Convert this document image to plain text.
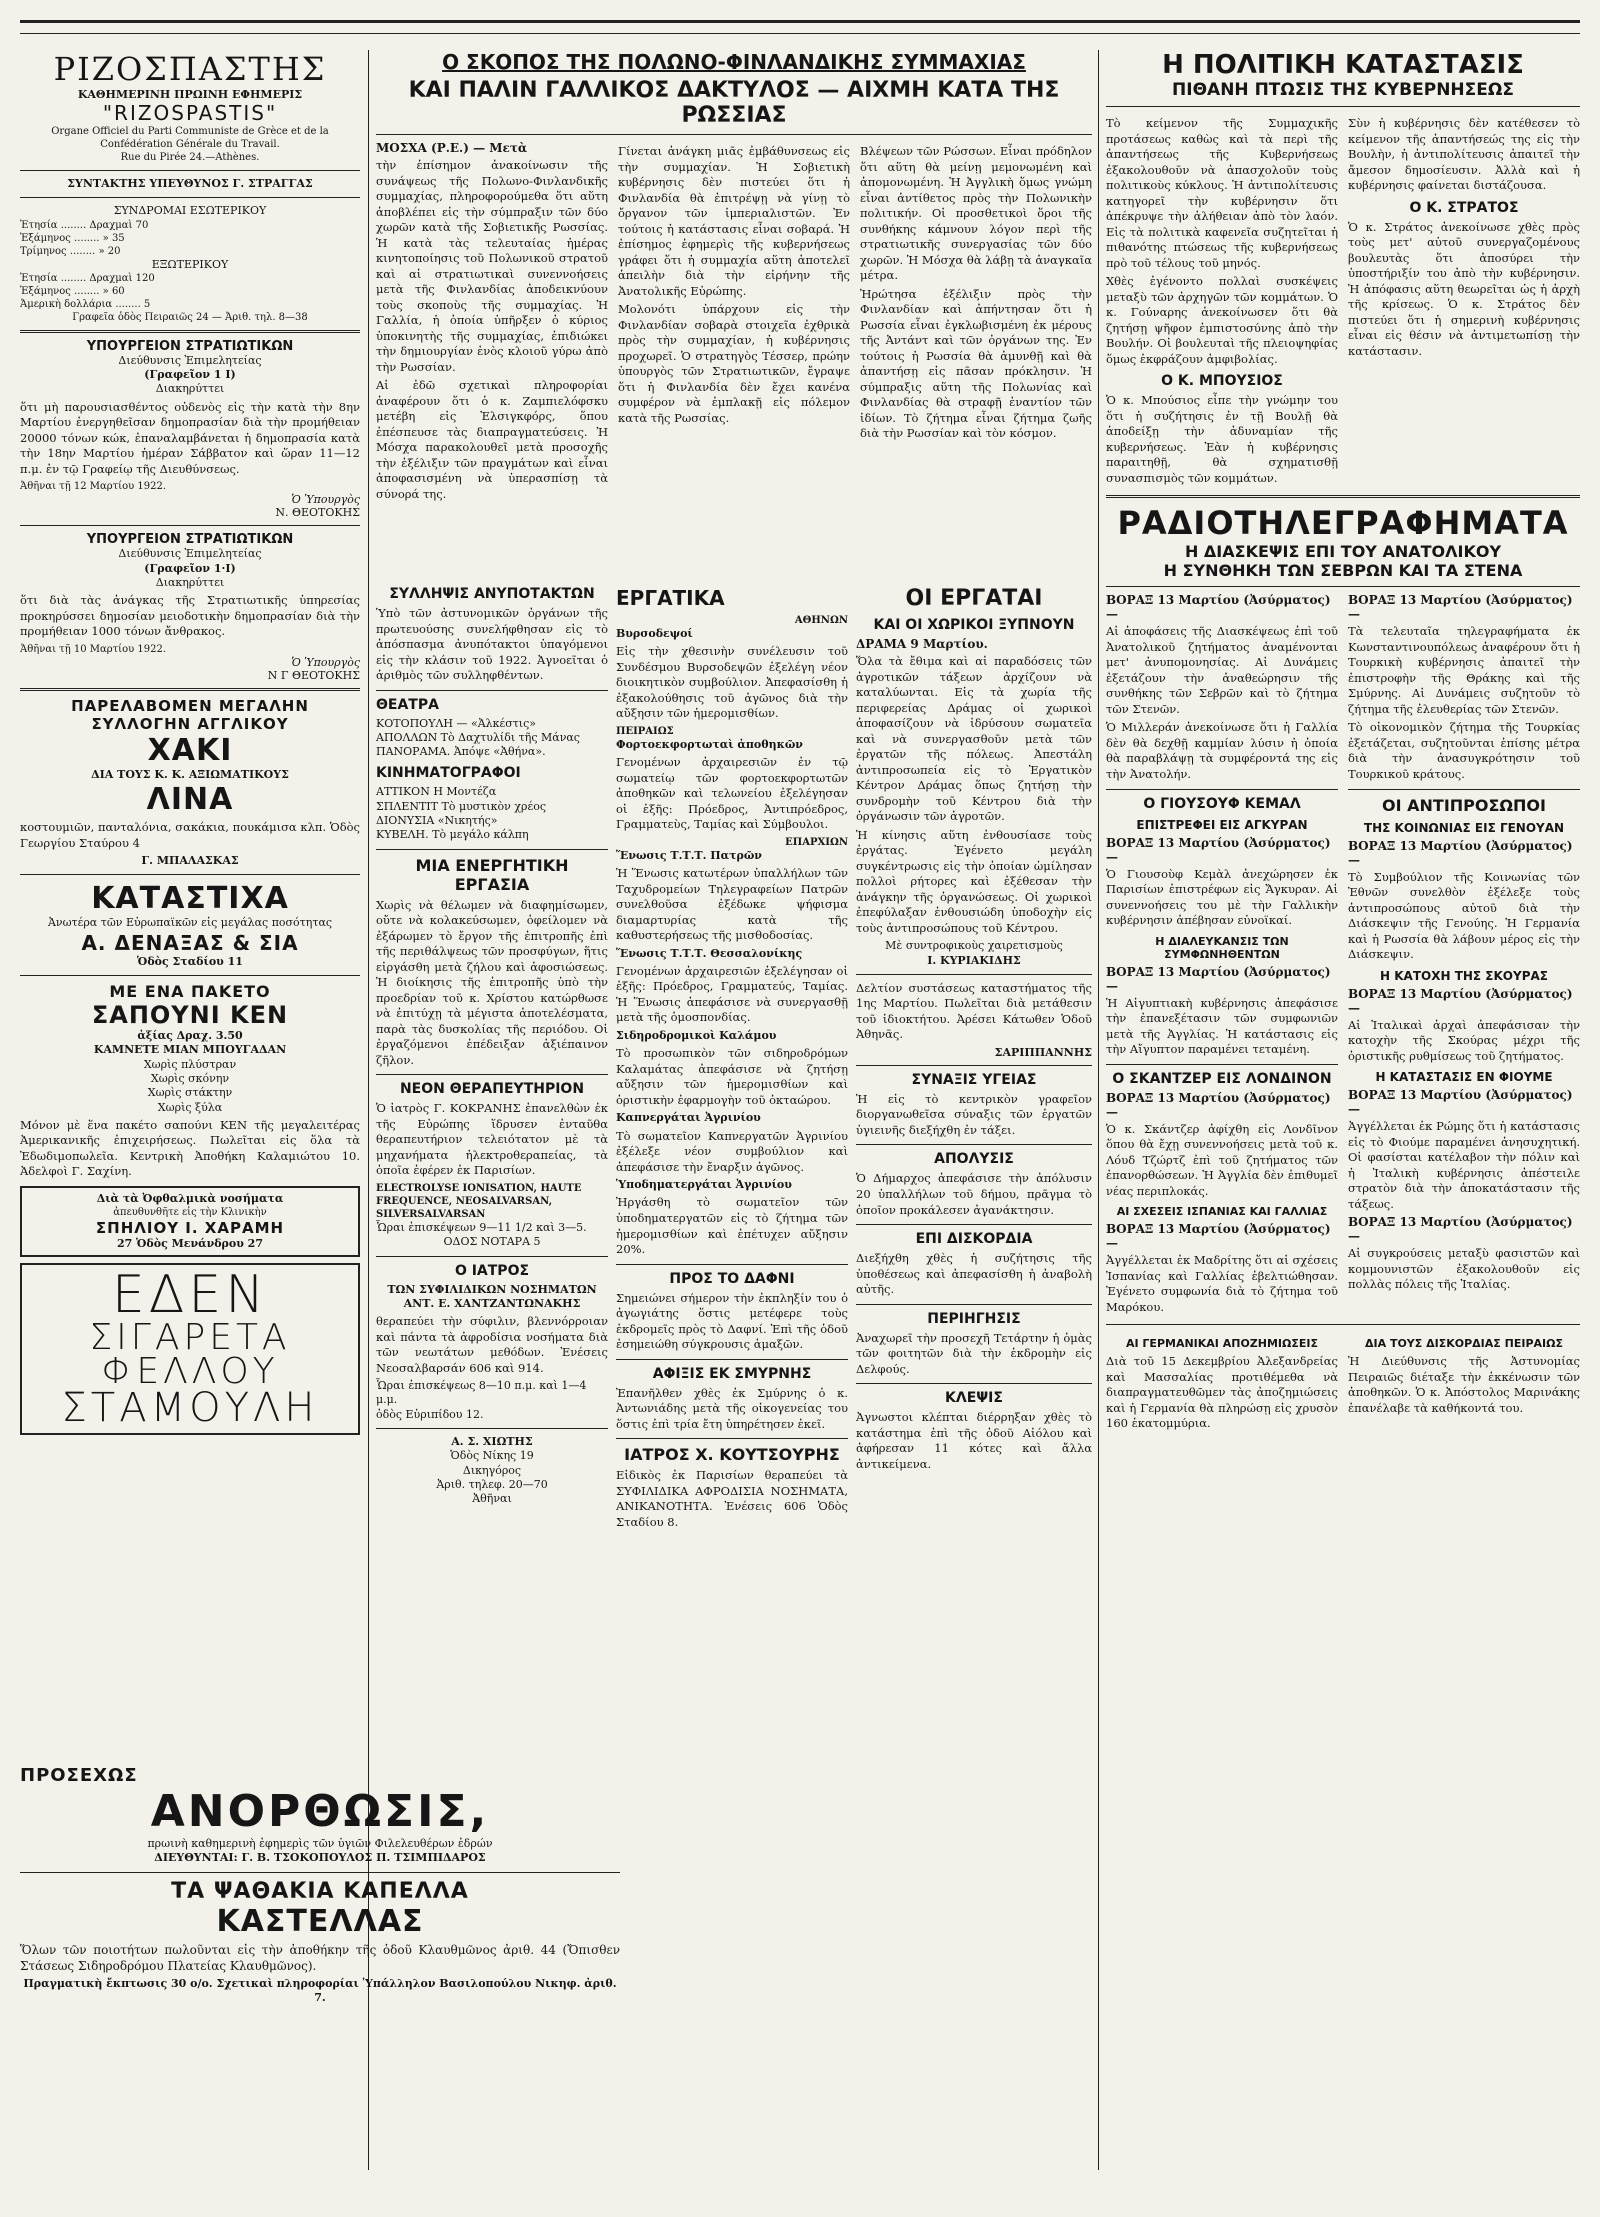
ΡΙΖΟΣΠΑΣΤΗΣ
ΚΑΘΗΜΕΡΙΝΗ ΠΡΩΙΝΗ ΕΦΗΜΕΡΙΣ
"RIZOSPASTIS"
Organe Officiel du Parti Communiste de Grèce et de la Confédération Générale du Travail.
Rue du Pirée 24.—Athènes.
ΣΥΝΤΑΚΤΗΣ ΥΠΕΥΘΥΝΟΣ Γ. ΣΤΡΑΓΓΑΣ
ΣΥΝΔΡΟΜΑΙ ΕΣΩΤΕΡΙΚΟΥ
Ἐτησία ........ Δραχμαὶ 70
Ἑξάμηνος ........ » 35
Τρίμηνος ........ » 20
ΕΞΩΤΕΡΙΚΟΥ
Ἐτησία ........ Δραχμαὶ 120
Ἑξάμηνος ........ » 60
Ἀμερικὴ δολλάρια ........ 5
Γραφεῖα ὁδὸς Πειραιῶς 24 — Ἀριθ. τηλ. 8—38
ΥΠΟΥΡΓΕΙΟΝ ΣΤΡΑΤΙΩΤΙΚΩΝ
Διεύθυνσις Ἐπιμελητείας
(Γραφεῖον 1 Ι)
Διακηρύττει
ὅτι μὴ παρουσιασθέντος οὐδενὸς εἰς τὴν κατὰ τὴν 8ην Μαρτίου ἐνεργηθεῖσαν δημοπρασίαν διὰ τὴν προμήθειαν 20000 τόνων κώκ, ἐπαναλαμβάνεται ἡ δημοπρασία κατὰ τὴν 18ην Μαρτίου ἡμέραν Σάββατον καὶ ὥραν 11—12 π.μ. ἐν τῷ Γραφείῳ τῆς Διευθύνσεως.
Ἀθῆναι τῇ 12 Μαρτίου 1922.
Ὁ Ὑπουργὸς
Ν. ΘΕΟΤΟΚΗΣ
ΥΠΟΥΡΓΕΙΟΝ ΣΤΡΑΤΙΩΤΙΚΩΝ
Διεύθυνσις Ἐπιμελητείας
(Γραφεῖον 1·Ι)
Διακηρύττει
ὅτι διὰ τὰς ἀνάγκας τῆς Στρατιωτικῆς ὑπηρεσίας προκηρύσσει δημοσίαν μειοδοτικὴν δημοπρασίαν διὰ τὴν προμήθειαν 1000 τόνων ἄνθρακος.
Ἀθῆναι τῇ 10 Μαρτίου 1922.
Ὁ Ὑπουργὸς
Ν Γ ΘΕΟΤΟΚΗΣ
ΠΑΡΕΛΑΒΟΜΕΝ ΜΕΓΑΛΗΝ ΣΥΛΛΟΓΗΝ ΑΓΓΛΙΚΟΥ
ΧΑΚΙ
ΔΙΑ ΤΟΥΣ Κ. Κ. ΑΞΙΩΜΑΤΙΚΟΥΣ
ΛΙΝΑ
κοστουμιῶν, πανταλόνια, σακάκια, πουκάμισα κλπ. Ὁδὸς Γεωργίου Σταύρου 4
Γ. ΜΠΑΛΑΣΚΑΣ
ΚΑΤΑΣΤΙΧΑ
Ἀνωτέρα τῶν Εὐρωπαϊκῶν εἰς μεγάλας ποσότητας
Α. ΔΕΝΑΞΑΣ & ΣΙΑ
Ὁδὸς Σταδίου 11
ΜΕ ΕΝΑ ΠΑΚΕΤΟ
ΣΑΠΟΥΝΙ ΚΕΝ
ἀξίας Δραχ. 3.50
ΚΑΜΝΕΤΕ ΜΙΑΝ ΜΠΟΥΓΑΔΑΝ
Χωρὶς πλύστραν
Χωρὶς σκόνην
Χωρὶς στάκτην
Χωρὶς ξύλα
Μόνον μὲ ἕνα πακέτο σαπούνι ΚΕΝ τῆς μεγαλειτέρας Ἀμερικανικῆς ἐπιχειρήσεως. Πωλεῖται εἰς ὅλα τὰ Ἐδωδιμοπωλεῖα. Κεντρικὴ Ἀποθήκη Καλαμιώτου 10. Ἀδελφοὶ Γ. Σαχίνη.
Διὰ τὰ Ὀφθαλμικὰ νοσήματα
ἀπευθυνθῆτε εἰς τὴν Κλινικὴν
ΣΠΗΛΙΟΥ Ι. ΧΑΡΑΜΗ
27 Ὁδὸς Μενάνδρου 27
ΕΔΕΝ
ΣΙΓΑΡΕΤΑ
ΦΕΛΛΟΥ
ΣΤΑΜΟΥΛΗ
ΠΡΟΣΕΧΩΣ
ΑΝΟΡΘΩΣΙΣ,
πρωινὴ καθημερινὴ ἐφημερὶς τῶν ὑγιῶν Φιλελευθέρων ἐδρών
ΔΙΕΥΘΥΝΤΑΙ: Γ. Β. ΤΣΟΚΟΠΟΥΛΟΣ Π. ΤΣΙΜΠΙΔΑΡΟΣ
ΤΑ ΨΑΘΑΚΙΑ ΚΑΠΕΛΛΑ
ΚΑΣΤΕΛΛΑΣ
Ὅλων τῶν ποιοτήτων πωλοῦνται εἰς τὴν ἀποθήκην τῆς ὁδοῦ Κλαυθμῶνος ἀριθ. 44 (Ὄπισθεν Στάσεως Σιδηροδρόμου Πλατείας Κλαυθμῶνος).
Πραγματικὴ ἔκπτωσις 30 ο/ο. Σχετικαὶ πληροφορίαι Ὑπάλληλον Βασιλοπούλου Νικηφ. ἀριθ. 7.
Ο ΣΚΟΠΟΣ ΤΗΣ ΠΟΛΩΝΟ-ΦΙΝΛΑΝΔΙΚΗΣ ΣΥΜΜΑΧΙΑΣ
ΚΑΙ ΠΑΛΙΝ ΓΑΛΛΙΚΟΣ ΔΑΚΤΥΛΟΣ — ΑΙΧΜΗ ΚΑΤΑ ΤΗΣ ΡΩΣΣΙΑΣ
ΜΟΣΧΑ (Ρ.Ε.) — Μετὰ
τὴν ἐπίσημον ἀνακοίνωσιν τῆς συνάψεως τῆς Πολωνο-Φινλανδικῆς συμμαχίας, πληροφορούμεθα ὅτι αὕτη ἀποβλέπει εἰς τὴν σύμπραξιν τῶν δύο χωρῶν κατὰ τῆς Σοβιετικῆς Ρωσσίας. Ἡ κατὰ τὰς τελευταίας ἡμέρας κινητοποίησις τοῦ Πολωνικοῦ στρατοῦ καὶ αἱ στρατιωτικαὶ συνεννοήσεις μετὰ τῆς Φινλανδίας ἀποδεικνύουν τοὺς σκοποὺς τῆς συμμαχίας. Ἡ Γαλλία, ἡ ὁποία ὑπῆρξεν ὁ κύριος ὑποκινητὴς τῆς συμμαχίας, ἐπιδιώκει τὴν δημιουργίαν ἑνὸς κλοιοῦ γύρω ἀπὸ τὴν Ρωσσίαν.
Αἱ ἐδῶ σχετικαὶ πληροφορίαι ἀναφέρουν ὅτι ὁ κ. Ζαμπιελόφσκυ μετέβη εἰς Ἑλσιγκφόρς, ὅπου ἐπέσπευσε τὰς διαπραγματεύσεις. Ἡ Μόσχα παρακολουθεῖ μετὰ προσοχῆς τὴν ἐξέλιξιν τῶν πραγμάτων καὶ εἶναι ἀποφασισμένη νὰ ὑπερασπίσῃ τὰ σύνορά της.
Γίνεται ἀνάγκη μιᾶς ἐμβάθυνσεως εἰς τὴν συμμαχίαν. Ἡ Σοβιετικὴ κυβέρνησις δὲν πιστεύει ὅτι ἡ Φινλανδία θὰ ἐπιτρέψῃ νὰ γίνῃ τὸ ὄργανον τῶν ἰμπεριαλιστῶν. Ἐν τούτοις ἡ κατάστασις εἶναι σοβαρά. Ἡ ἐπίσημος ἐφημερὶς τῆς κυβερνήσεως γράφει ὅτι ἡ συμμαχία αὕτη ἀποτελεῖ ἀπειλὴν διὰ τὴν εἰρήνην τῆς Ἀνατολικῆς Εὐρώπης.
Μολονότι ὑπάρχουν εἰς τὴν Φινλανδίαν σοβαρὰ στοιχεῖα ἐχθρικὰ πρὸς τὴν συμμαχίαν, ἡ κυβέρνησις προχωρεῖ. Ὁ στρατηγὸς Τέσσερ, πρώην ὑπουργὸς τῶν Στρατιωτικῶν, ἔγραψε ὅτι ἡ Φινλανδία δὲν ἔχει κανένα συμφέρον νὰ ἐμπλακῇ εἰς πόλεμον κατὰ τῆς Ρωσσίας.
Βλέψεων τῶν Ρώσσων. Εἶναι πρόδηλον ὅτι αὕτη θὰ μείνῃ μεμονωμένη καὶ ἀπομονωμένη. Ἡ Ἀγγλικὴ ὅμως γνώμη εἶναι ἀντίθετος πρὸς τὴν Πολωνικὴν πολιτικήν. Οἱ προσθετικοὶ ὅροι τῆς συνθήκης κάμνουν λόγον περὶ τῆς στρατιωτικῆς συνεργασίας τῶν δύο χωρῶν. Ἡ Μόσχα θὰ λάβῃ τὰ ἀναγκαῖα μέτρα.
Ἠρώτησα ἐξέλιξιν πρὸς τὴν Φινλανδίαν καὶ ἀπήντησαν ὅτι ἡ Ρωσσία εἶναι ἐγκλωβισμένη ἐκ μέρους τῆς Ἀντάντ καὶ τῶν ὀργάνων της. Ἐν τούτοις ἡ Ρωσσία θὰ ἀμυνθῇ καὶ θὰ ἀπαντήσῃ εἰς πᾶσαν πρόκλησιν. Ἡ σύμπραξις αὕτη τῆς Πολωνίας καὶ Φινλανδίας θὰ στραφῇ ἐναντίον τῶν ἰδίων. Τὸ ζήτημα εἶναι ζήτημα ζωῆς διὰ τὴν Ρωσσίαν καὶ τὸν κόσμον.
ΣΥΛΛΗΨΙΣ ΑΝΥΠΟΤΑΚΤΩΝ
Ὑπὸ τῶν ἀστυνομικῶν ὀργάνων τῆς πρωτευούσης συνελήφθησαν εἰς τὸ ἀπόσπασμα ἀνυπότακτοι ὑπαγόμενοι εἰς τὴν κλάσιν τοῦ 1922. Ἀγνοεῖται ὁ ἀριθμὸς τῶν συλληφθέντων.
ΘΕΑΤΡΑ
ΚΟΤΟΠΟΥΛΗ — «Ἀλκέστις»
ΑΠΟΛΛΩΝ Τὸ Δαχτυλίδι τῆς Μάνας
ΠΑΝΟΡΑΜΑ. Ἀπόψε «Ἀθήνα».
ΚΙΝΗΜΑΤΟΓΡΑΦΟΙ
ΑΤΤΙΚΟΝ Η Μοντέζα
ΣΠΛΕΝΤΙΤ Τὸ μυστικὸν χρέος
ΔΙΟΝΥΣΙΑ «Νικητής»
ΚΥΒΕΛΗ. Τὸ μεγάλο κάλπη
ΜΙΑ ΕΝΕΡΓΗΤΙΚΗ ΕΡΓΑΣΙΑ
Χωρὶς νὰ θέλωμεν νὰ διαφημίσωμεν, οὔτε νὰ κολακεύσωμεν, ὀφείλομεν νὰ ἐξάρωμεν τὸ ἔργον τῆς ἐπιτροπῆς ἐπὶ τῆς περιθάλψεως τῶν προσφύγων, ἥτις εἰργάσθη μετὰ ζήλου καὶ ἀφοσιώσεως. Ἡ διοίκησις τῆς ἐπιτροπῆς ὑπὸ τὴν προεδρίαν τοῦ κ. Χρίστου κατώρθωσε νὰ ἐπιτύχῃ τὰ μέγιστα ἀποτελέσματα, παρὰ τὰς δυσκολίας τῆς περιόδου. Οἱ ἐργαζόμενοι ἐπέδειξαν ἀξιέπαινον ζῆλον.
ΝΕΟΝ ΘΕΡΑΠΕΥΤΗΡΙΟΝ
Ὁ ἰατρὸς Γ. ΚΟΚΡΑΝΗΣ ἐπανελθὼν ἐκ τῆς Εὐρώπης ἵδρυσεν ἐνταῦθα θεραπευτήριον τελειότατον μὲ τὰ μηχανήματα ἠλεκτροθεραπείας, τὰ ὁποῖα ἐφέρεν ἐκ Παρισίων.
ELECTROLYSE IONISATION, HAUTE FREQUENCE, NEOSALVARSAN, SILVERSALVARSAN
Ὧραι ἐπισκέψεων 9—11 1/2 καὶ 3—5.
ΟΔΟΣ ΝΟΤΑΡΑ 5
Ο ΙΑΤΡΟΣ
ΤΩΝ ΣΥΦΙΛΙΔΙΚΩΝ ΝΟΣΗΜΑΤΩΝ
ΑΝΤ. Ε. ΧΑΝΤΖΑΝΤΩΝΑΚΗΣ
θεραπεύει τὴν σύφιλιν, βλεννόρροιαν καὶ πάντα τὰ ἀφροδίσια νοσήματα διὰ τῶν νεωτάτων μεθόδων. Ἐνέσεις Νεοσαλβαρσάν 606 καὶ 914.
Ὧραι ἐπισκέψεως 8—10 π.μ. καὶ 1—4 μ.μ.
ὁδὸς Εὐριπίδου 12.
Α. Σ. ΧΙΩΤΗΣ
Ὁδὸς Νίκης 19
Δικηγόρος
Ἀριθ. τηλεφ. 20—70
Ἀθῆναι
ΕΡΓΑΤΙΚΑ
ΑΘΗΝΩΝ
Βυρσοδεψοί
Εἰς τὴν χθεσινὴν συνέλευσιν τοῦ Συνδέσμου Βυρσοδεψῶν ἐξελέγη νέον διοικητικὸν συμβούλιον. Ἀπεφασίσθη ἡ ἐξακολούθησις τοῦ ἀγῶνος διὰ τὴν αὔξησιν τῶν ἡμερομισθίων.
ΠΕΙΡΑΙΩΣ
Φορτοεκφορτωταὶ ἀποθηκῶν
Γενομένων ἀρχαιρεσιῶν ἐν τῷ σωματείῳ τῶν φορτοεκφορτωτῶν ἀποθηκῶν καὶ τελωνείου ἐξελέγησαν οἱ ἑξῆς: Πρόεδρος, Ἀντιπρόεδρος, Γραμματεὺς, Ταμίας καὶ Σύμβουλοι.
ΕΠΑΡΧΙΩΝ
Ἕνωσις Τ.Τ.Τ. Πατρῶν
Ἡ Ἕνωσις κατωτέρων ὑπαλλήλων τῶν Ταχυδρομείων Τηλεγραφείων Πατρῶν συνελθοῦσα ἐξέδωκε ψήφισμα διαμαρτυρίας κατὰ τῆς καθυστερήσεως τῆς μισθοδοσίας.
Ἕνωσις Τ.Τ.Τ. Θεσσαλονίκης
Γενομένων ἀρχαιρεσιῶν ἐξελέγησαν οἱ ἑξῆς: Πρόεδρος, Γραμματεύς, Ταμίας. Ἡ Ἕνωσις ἀπεφάσισε νὰ συνεργασθῇ μετὰ τῆς ὁμοσπονδίας.
Σιδηροδρομικοὶ Καλάμου
Τὸ προσωπικὸν τῶν σιδηροδρόμων Καλαμάτας ἀπεφάσισε νὰ ζητήσῃ αὔξησιν τῶν ἡμερομισθίων καὶ ὁριστικὴν ἐφαρμογὴν τοῦ ὀκταώρου.
Καπνεργάται Ἀγρινίου
Τὸ σωματεῖον Καπνεργατῶν Ἀγρινίου ἐξέλεξε νέον συμβούλιον καὶ ἀπεφάσισε τὴν ἔναρξιν ἀγῶνος.
Ὑποδηματεργάται Ἀγρινίου
Ἠργάσθη τὸ σωματεῖον τῶν ὑποδηματεργατῶν εἰς τὸ ζήτημα τῶν ἡμερομισθίων καὶ ἐπέτυχεν αὔξησιν 20%.
ΠΡΟΣ ΤΟ ΔΑΦΝΙ
Σημειώνει σήμερον τὴν ἐκπληξίν του ὁ ἀγωγιάτης ὅστις μετέφερε τοὺς ἐκδρομεῖς πρὸς τὸ Δαφνί. Ἐπὶ τῆς ὁδοῦ ἐσημειώθη σύγκρουσις ἁμαξῶν.
ΑΦΙΞΙΣ ΕΚ ΣΜΥΡΝΗΣ
Ἐπανῆλθεν χθὲς ἐκ Σμύρνης ὁ κ. Ἀντωνιάδης μετὰ τῆς οἰκογενείας του ὅστις ἐπὶ τρία ἔτη ὑπηρέτησεν ἐκεῖ.
ΙΑΤΡΟΣ Χ. ΚΟΥΤΣΟΥΡΗΣ
Εἰδικὸς ἐκ Παρισίων θεραπεύει τὰ ΣΥΦΙΛΙΔΙΚΑ ΑΦΡΟΔΙΣΙΑ ΝΟΣΗΜΑΤΑ, ΑΝΙΚΑΝΟΤΗΤΑ. Ἐνέσεις 606 Ὁδὸς Σταδίου 8.
ΟΙ ΕΡΓΑΤΑΙ
ΚΑΙ ΟΙ ΧΩΡΙΚΟΙ ΞΥΠΝΟΥΝ
ΔΡΑΜΑ 9 Μαρτίου.
Ὅλα τὰ ἔθιμα καὶ αἱ παραδόσεις τῶν ἀγροτικῶν τάξεων ἀρχίζουν νὰ καταλύωνται. Εἰς τὰ χωρία τῆς περιφερείας Δράμας οἱ χωρικοὶ ἀποφασίζουν νὰ ἱδρύσουν σωματεῖα καὶ νὰ συνεργασθοῦν μετὰ τῶν ἐργατῶν τῆς πόλεως. Ἀπεστάλη ἀντιπροσωπεία εἰς τὸ Ἐργατικὸν Κέντρον Δράμας ὅπως ζητήσῃ τὴν συνδρομὴν τοῦ Κέντρου διὰ τὴν ὀργάνωσιν τῶν ἀγροτῶν.
Ἡ κίνησις αὕτη ἐνθουσίασε τοὺς ἐργάτας. Ἐγένετο μεγάλη συγκέντρωσις εἰς τὴν ὁποίαν ὡμίλησαν πολλοὶ ρήτορες καὶ ἐξέθεσαν τὴν ἀνάγκην τῆς ὀργανώσεως. Οἱ χωρικοὶ ἐπεφύλαξαν ἐνθουσιώδη ὑποδοχὴν εἰς τοὺς ἀντιπροσώπους τοῦ Κέντρου.
Μὲ συντροφικοὺς χαιρετισμοὺς
Ι. ΚΥΡΙΑΚΙΔΗΣ
Δελτίον συστάσεως καταστήματος τῆς 1ης Μαρτίου. Πωλεῖται διὰ μετάθεσιν τοῦ ἰδιοκτήτου. Ἀρέσει Κάτωθεν Ὁδοῦ Ἀθηνᾶς.
ΣΑΡΙΠΠΑΝΝΗΣ
ΣΥΝΑΞΙΣ ΥΓΕΙΑΣ
Ἡ εἰς τὸ κεντρικὸν γραφεῖον διοργανωθεῖσα σύναξις τῶν ἐργατῶν ὑγιεινῆς διεξήχθη ἐν τάξει.
ΑΠΟΛΥΣΙΣ
Ὁ Δήμαρχος ἀπεφάσισε τὴν ἀπόλυσιν 20 ὑπαλλήλων τοῦ δήμου, πρᾶγμα τὸ ὁποῖον προκάλεσεν ἀγανάκτησιν.
ΕΠΙ ΔΙΣΚΟΡΔΙΑ
Διεξήχθη χθὲς ἡ συζήτησις τῆς ὑποθέσεως καὶ ἀπεφασίσθη ἡ ἀναβολὴ αὐτῆς.
ΠΕΡΙΗΓΗΣΙΣ
Ἀναχωρεῖ τὴν προσεχῆ Τετάρτην ἡ ὁμὰς τῶν φοιτητῶν διὰ τὴν ἐκδρομὴν εἰς Δελφούς.
ΚΛΕΨΙΣ
Ἀγνωστοι κλέπται διέρρηξαν χθὲς τὸ κατάστημα ἐπὶ τῆς ὁδοῦ Αἰόλου καὶ ἀφήρεσαν 11 κότες καὶ ἄλλα ἀντικείμενα.
Η ΠΟΛΙΤΙΚΗ ΚΑΤΑΣΤΑΣΙΣ
ΠΙΘΑΝΗ ΠΤΩΣΙΣ ΤΗΣ ΚΥΒΕΡΝΗΣΕΩΣ
Τὸ κείμενον τῆς Συμμαχικῆς προτάσεως καθὼς καὶ τὰ περὶ τῆς ἀπαντήσεως τῆς Κυβερνήσεως ἐξακολουθοῦν νὰ ἀπασχολοῦν τοὺς πολιτικοὺς κύκλους. Ἡ ἀντιπολίτευσις κατηγορεῖ τὴν κυβέρνησιν ὅτι ἀπέκρυψε τὴν ἀλήθειαν ἀπὸ τὸν λαόν. Εἰς τὰ πολιτικὰ καφενεῖα συζητεῖται ἡ πιθανότης πτώσεως τῆς κυβερνήσεως πρὸ τοῦ τέλους τοῦ μηνός.
Χθὲς ἐγένοντο πολλαὶ συσκέψεις μεταξὺ τῶν ἀρχηγῶν τῶν κομμάτων. Ὁ κ. Γούναρης ἀνεκοίνωσεν ὅτι θὰ ζητήσῃ ψῆφον ἐμπιστοσύνης ἀπὸ τὴν Βουλήν. Οἱ βουλευταὶ τῆς πλειοψηφίας ὅμως ἐκφράζουν ἀμφιβολίας.
Ο Κ. ΜΠΟΥΣΙΟΣ
Ὁ κ. Μπούσιος εἶπε τὴν γνώμην του ὅτι ἡ συζήτησις ἐν τῇ Βουλῇ θὰ ἀποδείξῃ τὴν ἀδυναμίαν τῆς κυβερνήσεως. Ἐὰν ἡ κυβέρνησις παραιτηθῇ, θὰ σχηματισθῇ συνασπισμὸς τῶν κομμάτων.
Σὺν ἡ κυβέρνησις δὲν κατέθεσεν τὸ κείμενον τῆς ἀπαντήσεώς της εἰς τὴν Βουλὴν, ἡ ἀντιπολίτευσις ἀπαιτεῖ τὴν ἄμεσον δημοσίευσιν. Ἀλλὰ καὶ ἡ κυβέρνησις φαίνεται διστάζουσα.
Ο Κ. ΣΤΡΑΤΟΣ
Ὁ κ. Στράτος ἀνεκοίνωσε χθὲς πρὸς τοὺς μετ' αὐτοῦ συνεργαζομένους βουλευτὰς ὅτι ἀποσύρει τὴν ὑποστήριξίν του ἀπὸ τὴν κυβέρνησιν. Ἡ ἀπόφασις αὕτη θεωρεῖται ὡς ἡ ἀρχὴ τῆς κρίσεως. Ὁ κ. Στράτος δὲν πιστεύει ὅτι ἡ σημερινὴ κυβέρνησις εἶναι εἰς θέσιν νὰ ἀντιμετωπίσῃ τὴν κατάστασιν.
ΡΑΔΙΟΤΗΛΕΓΡΑΦΗΜΑΤΑ
Η ΔΙΑΣΚΕΨΙΣ ΕΠΙ ΤΟΥ ΑΝΑΤΟΛΙΚΟΥ
Η ΣΥΝΘΗΚΗ ΤΩΝ ΣΕΒΡΩΝ ΚΑΙ ΤΑ ΣΤΕΝΑ
ΒΟΡΑΞ 13 Μαρτίου (Ἀσύρματος) —
Αἱ ἀποφάσεις τῆς Διασκέψεως ἐπὶ τοῦ Ἀνατολικοῦ ζητήματος ἀναμένονται μετ' ἀνυπομονησίας. Αἱ Δυνάμεις ἐξετάζουν τὴν ἀναθεώρησιν τῆς συνθήκης τῶν Σεβρῶν καὶ τὸ ζήτημα τῶν Στενῶν.
Ὁ Μιλλεράν ἀνεκοίνωσε ὅτι ἡ Γαλλία δὲν θὰ δεχθῇ καμμίαν λύσιν ἡ ὁποία θὰ παραβλάψῃ τὰ συμφέροντά της εἰς τὴν Ἀνατολήν.
Ο ΓΙΟΥΣΟΥΦ ΚΕΜΑΛ
ΕΠΙΣΤΡΕΦΕΙ ΕΙΣ ΑΓΚΥΡΑΝ
ΒΟΡΑΞ 13 Μαρτίου (Ἀσύρματος) —
Ὁ Γιουσοὺφ Κεμὰλ ἀνεχώρησεν ἐκ Παρισίων ἐπιστρέφων εἰς Ἄγκυραν. Αἱ συνεννοήσεις του μὲ τὴν Γαλλικὴν κυβέρνησιν ἀπέβησαν εὐνοϊκαί.
Η ΔΙΑΛΕΥΚΑΝΣΙΣ ΤΩΝ ΣΥΜΦΩΝΗΘΕΝΤΩΝ
ΒΟΡΑΞ 13 Μαρτίου (Ἀσύρματος) —
Ἡ Αἰγυπτιακὴ κυβέρνησις ἀπεφάσισε τὴν ἐπανεξέτασιν τῶν συμφωνιῶν μετὰ τῆς Ἀγγλίας. Ἡ κατάστασις εἰς τὴν Αἴγυπτον παραμένει τεταμένη.
Ο ΣΚΑΝΤΖΕΡ ΕΙΣ ΛΟΝΔΙΝΟΝ
ΒΟΡΑΞ 13 Μαρτίου (Ἀσύρματος) —
Ὁ κ. Σκάντζερ ἀφίχθη εἰς Λονδῖνον ὅπου θὰ ἔχῃ συνεννοήσεις μετὰ τοῦ κ. Λόυδ Τζώρτζ ἐπὶ τοῦ ζητήματος τῶν ἐπανορθώσεων. Ἡ Ἀγγλία δὲν ἐπιθυμεῖ νέας περιπλοκάς.
ΑΙ ΣΧΕΣΕΙΣ ΙΣΠΑΝΙΑΣ ΚΑΙ ΓΑΛΛΙΑΣ
ΒΟΡΑΞ 13 Μαρτίου (Ἀσύρματος) —
Ἀγγέλλεται ἐκ Μαδρίτης ὅτι αἱ σχέσεις Ἰσπανίας καὶ Γαλλίας ἐβελτιώθησαν. Ἐγένετο συμφωνία διὰ τὸ ζήτημα τοῦ Μαρόκου.
ΒΟΡΑΞ 13 Μαρτίου (Ἀσύρματος) —
Τὰ τελευταῖα τηλεγραφήματα ἐκ Κωνσταντινουπόλεως ἀναφέρουν ὅτι ἡ Τουρκικὴ κυβέρνησις ἀπαιτεῖ τὴν ἐπιστροφὴν τῆς Θράκης καὶ τῆς Σμύρνης. Αἱ Δυνάμεις συζητοῦν τὸ ζήτημα τῆς ἐλευθερίας τῶν Στενῶν.
Τὸ οἰκονομικὸν ζήτημα τῆς Τουρκίας ἐξετάζεται, συζητοῦνται ἐπίσης μέτρα διὰ τὴν ἀνασυγκρότησιν τοῦ Τουρκικοῦ κράτους.
ΟΙ ΑΝΤΙΠΡΟΣΩΠΟΙ
ΤΗΣ ΚΟΙΝΩΝΙΑΣ ΕΙΣ ΓΕΝΟΥΑΝ
ΒΟΡΑΞ 13 Μαρτίου (Ἀσύρματος) —
Τὸ Συμβούλιον τῆς Κοινωνίας τῶν Ἐθνῶν συνελθὸν ἐξέλεξε τοὺς ἀντιπροσώπους αὐτοῦ διὰ τὴν Διάσκεψιν τῆς Γενούης. Ἡ Γερμανία καὶ ἡ Ρωσσία θὰ λάβουν μέρος εἰς τὴν Διάσκεψιν.
Η ΚΑΤΟΧΗ ΤΗΣ ΣΚΟΥΡΑΣ
ΒΟΡΑΞ 13 Μαρτίου (Ἀσύρματος) —
Αἱ Ἰταλικαὶ ἀρχαὶ ἀπεφάσισαν τὴν κατοχὴν τῆς Σκούρας μέχρι τῆς ὁριστικῆς ρυθμίσεως τοῦ ζητήματος.
Η ΚΑΤΑΣΤΑΣΙΣ ΕΝ ΦΙΟΥΜΕ
ΒΟΡΑΞ 13 Μαρτίου (Ἀσύρματος) —
Ἀγγέλλεται ἐκ Ρώμης ὅτι ἡ κατάστασις εἰς τὸ Φιούμε παραμένει ἀνησυχητική. Οἱ φασίσται κατέλαβον τὴν πόλιν καὶ ἡ Ἰταλικὴ κυβέρνησις ἀπέστειλε στρατὸν διὰ τὴν ἀποκατάστασιν τῆς τάξεως.
ΒΟΡΑΞ 13 Μαρτίου (Ἀσύρματος) —
Αἱ συγκρούσεις μεταξὺ φασιστῶν καὶ κομμουνιστῶν ἐξακολουθοῦν εἰς πολλὰς πόλεις τῆς Ἰταλίας.
ΑΙ ΓΕΡΜΑΝΙΚΑΙ ΑΠΟΖΗΜΙΩΣΕΙΣ
Διὰ τοῦ 15 Δεκεμβρίου Ἀλεξανδρείας καὶ Μασσαλίας προτιθέμεθα νὰ διαπραγματευθῶμεν τὰς ἀποζημιώσεις καὶ ἡ Γερμανία θὰ πληρώσῃ εἰς χρυσὸν 160 ἑκατομμύρια.
ΔΙΑ ΤΟΥΣ ΔΙΣΚΟΡΔΙΑΣ ΠΕΙΡΑΙΩΣ
Ἡ Διεύθυνσις τῆς Ἀστυνομίας Πειραιῶς διέταξε τὴν ἐκκένωσιν τῶν ἀποθηκῶν. Ὁ κ. Ἀπόστολος Μαρινάκης ἐπανέλαβε τὰ καθήκοντά του.
